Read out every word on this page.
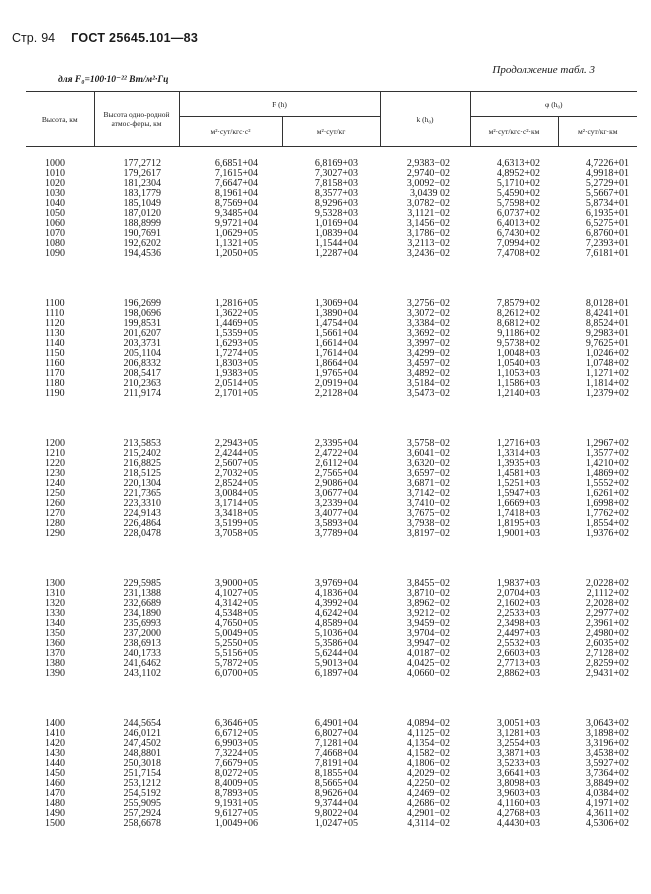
Стр. 94 ГОСТ 25645.101—83
Продолжение табл. 3
для F₀=100·10⁻²² Вт/м²·Гц
Высота, км	Высота одно-родной атмос-феры, км	F (h)		k (h₀)	φ (h₀)	
		м²·сут/кгс·с²	м²·сут/кг		м²·сут/кгс·с²·км	м²·сут/кг·км

1000	177,2712	6,6851+04	6,8169+03	2,9383−02	4,6313+02	4,7226+01
1010	179,2617	7,1615+04	7,3027+03	2,9740−02	4,8952+02	4,9918+01
1020	181,2304	7,6647+04	7,8158+03	3,0092−02	5,1710+02	5,2729+01
1030	183,1779	8,1961+04	8,3577+03	3,0439 02	5,4590+02	5,5667+01
1040	185,1049	8,7569+04	8,9296+03	3,0782−02	5,7598+02	5,8734+01
1050	187,0120	9,3485+04	9,5328+03	3,1121−02	6,0737+02	6,1935+01
1060	188,8999	9,9721+04	1,0169+04	3,1456−02	6,4013+02	6,5275+01
1070	190,7691	1,0629+05	1,0839+04	3,1786−02	6,7430+02	6,8760+01
1080	192,6202	1,1321+05	1,1544+04	3,2113−02	7,0994+02	7,2393+01
1090	194,4536	1,2050+05	1,2287+04	3,2436−02	7,4708+02	7,6181+01

1100	196,2699	1,2816+05	1,3069+04	3,2756−02	7,8579+02	8,0128+01
1110	198,0696	1,3622+05	1,3890+04	3,3072−02	8,2612+02	8,4241+01
1120	199,8531	1,4469+05	1,4754+04	3,3384−02	8,6812+02	8,8524+01
1130	201,6207	1,5359+05	1,5661+04	3,3692−02	9,1186+02	9,2983+01
1140	203,3731	1,6293+05	1,6614+04	3,3997−02	9,5738+02	9,7625+01
1150	205,1104	1,7274+05	1,7614+04	3,4299−02	1,0048+03	1,0246+02
1160	206,8332	1,8303+05	1,8664+04	3,4597−02	1,0540+03	1,0748+02
1170	208,5417	1,9383+05	1,9765+04	3,4892−02	1,1053+03	1,1271+02
1180	210,2363	2,0514+05	2,0919+04	3,5184−02	1,1586+03	1,1814+02
1190	211,9174	2,1701+05	2,2128+04	3,5473−02	1,2140+03	1,2379+02

1200	213,5853	2,2943+05	2,3395+04	3,5758−02	1,2716+03	1,2967+02
1210	215,2402	2,4244+05	2,4722+04	3,6041−02	1,3314+03	1,3577+02
1220	216,8825	2,5607+05	2,6112+04	3,6320−02	1,3935+03	1,4210+02
1230	218,5125	2,7032+05	2,7565+04	3,6597−02	1,4581+03	1,4869+02
1240	220,1304	2,8524+05	2,9086+04	3,6871−02	1,5251+03	1,5552+02
1250	221,7365	3,0084+05	3,0677+04	3,7142−02	1,5947+03	1,6261+02
1260	223,3310	3,1714+05	3,2339+04	3,7410−02	1,6669+03	1,6998+02
1270	224,9143	3,3418+05	3,4077+04	3,7675−02	1,7418+03	1,7762+02
1280	226,4864	3,5199+05	3,5893+04	3,7938−02	1,8195+03	1,8554+02
1290	228,0478	3,7058+05	3,7789+04	3,8197−02	1,9001+03	1,9376+02

1300	229,5985	3,9000+05	3,9769+04	3,8455−02	1,9837+03	2,0228+02
1310	231,1388	4,1027+05	4,1836+04	3,8710−02	2,0704+03	2,1112+02
1320	232,6689	4,3142+05	4,3992+04	3,8962−02	2,1602+03	2,2028+02
1330	234,1890	4,5348+05	4,6242+04	3,9212−02	2,2533+03	2,2977+02
1340	235,6993	4,7650+05	4,8589+04	3,9459−02	2,3498+03	2,3961+02
1350	237,2000	5,0049+05	5,1036+04	3,9704−02	2,4497+03	2,4980+02
1360	238,6913	5,2550+05	5,3586+04	3,9947−02	2,5532+03	2,6035+02
1370	240,1733	5,5156+05	5,6244+04	4,0187−02	2,6603+03	2,7128+02
1380	241,6462	5,7872+05	5,9013+04	4,0425−02	2,7713+03	2,8259+02
1390	243,1102	6,0700+05	6,1897+04	4,0660−02	2,8862+03	2,9431+02

1400	244,5654	6,3646+05	6,4901+04	4,0894−02	3,0051+03	3,0643+02
1410	246,0121	6,6712+05	6,8027+04	4,1125−02	3,1281+03	3,1898+02
1420	247,4502	6,9903+05	7,1281+04	4,1354−02	3,2554+03	3,3196+02
1430	248,8801	7,3224+05	7,4668+04	4,1582−02	3,3871+03	3,4538+02
1440	250,3018	7,6679+05	7,8191+04	4,1806−02	3,5233+03	3,5927+02
1450	251,7154	8,0272+05	8,1855+04	4,2029−02	3,6641+03	3,7364+02
1460	253,1212	8,4009+05	8,5665+04	4,2250−02	3,8098+03	3,8849+02
1470	254,5192	8,7893+05	8,9626+04	4,2469−02	3,9603+03	4,0384+02
1480	255,9095	9,1931+05	9,3744+04	4,2686−02	4,1160+03	4,1971+02
1490	257,2924	9,6127+05	9,8022+04	4,2901−02	4,2768+03	4,3611+02
1500	258,6678	1,0049+06	1,0247+05	4,3114−02	4,4430+03	4,5306+02
